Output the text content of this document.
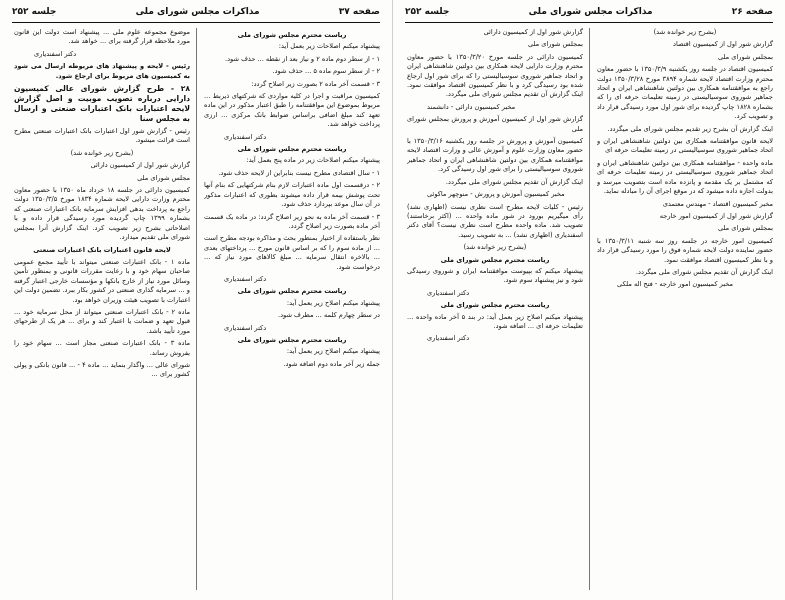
صفحه ۳۷
مذاکرات مجلس شورای ملی
جلسه ۲۵۲

ریاست محترم مجلس شورای ملی

پیشنهاد میکنم اصلاحات زیر بعمل آید:

۱ - از سطر دوم ماده ۲ و نیاز بعد از نقطه ... حذف شود.

۲ - از سطر سوم ماده ۵ ... حذف شود.

۳ - قسمت آخر ماده ۲ بصورت زیر اصلاح گردد:

کمیسیون مراقبت و اجرا در کلیه مواردی که شرکتهای ذیربط ... مربوط بموضوع این موافقتنامه را طبق اعتبار مذکور در این ماده تعهد کند مبلغ اضافی براساس ضوابط بانک مرکزی ... ارزی پرداخت خواهد شد.

دکتر اسفندیاری

ریاست محترم مجلس شورای ملی

پیشنهاد میکنم اصلاحات زیر در ماده پنج بعمل آید:

۱ - سال اقتصادی مطرح نیست بنابراین از لایحه حذف شود.

۲ - درقسمت اول ماده اعتبارات لازم بنام شرکتهایی که بنام آنها تحت پوشش بیمه قرار داده میشوند بطوری که اعتبارات مذکور در آن سال موعد بپردازد حذف شود.

۳ - قسمت آخر ماده به نحو زیر اصلاح گردد: در ماده یک قسمت آخر ماده بصورت زیر اصلاح گردد.

نظر باستفاده از اختیار بمنظور بحث و مذاکره بودجه مطرح است ... از ماده سوم را که بر اساس قانون مورخ ... پرداختهای بعدی ... بالاخره انتقال سرمایه ... مبلغ کالاهای مورد نیاز که ... درخواست شود.

دکتر اسفندیاری

ریاست محترم مجلس شورای ملی

پیشنهاد میکنم اصلاح زیر بعمل آید:

در سطر چهارم کلمه ... مطرف شود.

دکتر اسفندیاری

ریاست محترم مجلس شورای ملی

پیشنهاد میکنم اصلاح زیر بعمل آید:

جمله زیر آخر ماده دوم اضافه شود.

موضوع مجموعه علوم ملی ... پیشنهاد است دولت این قانون مورد ملاحظه قرار گرفته برای ... خواهد شد.

دکتر اسفندیاری

رئیس - لایحه و پیشنهاد هاى مربوطه ارسال مى شود به کمیسیون هاى مربوط براى ارجاع شود.

۲۸ - طرح گزارش شورای عالی کمیسیون دارایی درباره تصویب موبیت و اصل گزارش لایحه اعتبارات بانک اعتبارات صنعتی و ارسال به مجلس سنا

رئیس - گزارش شور اول اعتبارات بانک اعتبارات صنعتی مطرح است قرائت میشود.

(بشرح زیر خوانده شد)

گزارش شور اول از کمیسیون دارائی

مجلس شورای ملی

کمیسیون دارائی در جلسه ۱۸ خرداد ماه ۱۳۵۰ با حضور معاون محترم وزارت دارایی لایحه شماره ۱۸۳۴ مورخ ۱۳۵۰/۳/۵ دولت راجع به پرداخت بدهی افزایش سرمایه بانک اعتبارات صنعتی که بشماره ۱۳۹۹ چاپ گردیده مورد رسیدگی قرار داده و با اصلاحاتی بشرح زیر تصویب کرد. اینک گزارش آنرا بمجلس شورای ملی تقدیم میدارد.

لایحه قانون اعتبارات بانک اعتبارات صنعتی

ماده ۱ - بانک اعتبارات صنعتی میتواند با تأیید مجمع عمومی صاحبان سهام خود و با رعایت مقررات قانونی و بمنظور تأمین وسائل مورد نیاز از خارج بانکها و مؤسسات خارجی اعتبار گرفته و ... سرمایه گذاری صنعتی در کشور بکار ببرد. تضمین دولت این اعتبارات با تصویب هیئت وزیران خواهد بود.

ماده ۲ - بانک اعتبارات صنعتی میتواند از محل سرمایه خود ... قبول تعهد و ضمانت یا اعتبار کند و برای ... هر یک از طرحهای مورد تأیید باشد.

ماده ۳ - بانک اعتبارات صنعتی مجاز است ... سهام خود را بفروش رساند.

شورای عالی ... واگذار بنماید ... ماده ۴ - ... قانون بانکی و پولی کشور برای ...

صفحه ۲۶
مذاکرات مجلس شورای ملی
جلسه ۲۵۲

(بشرح زیر خوانده شد)

گزارش شور اول از کمیسیون اقتصاد

بمجلس شورای ملی

کمیسیون اقتصاد در جلسه روز یکشنبه ۱۳۵۰/۳/۹ با حضور معاون محترم وزارت اقتصاد لایحه شماره ۳۸۹۴ مورخ ۱۳۵۰/۳/۲۸ دولت راجع به موافقتنامه همکاری بین دولتین شاهنشاهی ایران و اتحاد جماهیر شوروی سوسیالیستی در زمینه تعلیمات حرفه ای را که بشماره ۱۸۲۸ چاپ گردیده برای شور اول مورد رسیدگی قرار داد و تصویب کرد.

اینک گزارش آن بشرح زیر تقدیم مجلس شورای ملی میگردد.

لایحه قانون موافقتنامه همکاری بین دولتین شاهنشاهی ایران و اتحاد جماهیر شوروی سوسیالیستی در زمینه تعلیمات حرفه ای

ماده واحده - موافقتنامه همکاری بین دولتین شاهنشاهی ایران و اتحاد جماهیر شوروی سوسیالیستی در زمینه تعلیمات حرفه ای که مشتمل بر یک مقدمه و پانزده ماده است بتصویب میرسد و بدولت اجازه داده میشود که در موقع اجرای آن را مبادله نماید.

مخبر کمیسیون اقتصاد - مهندس معتمدی

گزارش شور اول از کمیسیون امور خارجه

بمجلس شورای ملی

کمیسیون امور خارجه در جلسه روز سه شنبه ۱۳۵۰/۳/۱۱ با حضور نماینده دولت لایحه شماره فوق را مورد رسیدگی قرار داد و با نظر کمیسیون اقتصاد موافقت نمود.

اینک گزارش آن تقدیم مجلس شورای ملی میگردد.

مخبر کمیسیون امور خارجه - فتح اله ملکی

گزارش شور اول از کمیسیون دارائی

بمجلس شورای ملی

کمیسیون دارائی در جلسه مورخ ۱۳۵۰/۳/۲۰ با حضور معاون محترم وزارت دارایی لایحه همکاری بین دولتین شاهنشاهی ایران و اتحاد جماهیر شوروی سوسیالیستی را که برای شور اول ارجاع شده بود رسیدگی کرد و با نظر کمیسیون اقتصاد موافقت نمود. اینک گزارش آن تقدیم مجلس شورای ملی میگردد.

مخبر کمیسیون دارائی - دانشمند

گزارش شور اول از کمیسیون آموزش و پرورش بمجلس شورای ملی

کمیسیون آموزش و پرورش در جلسه روز یکشنبه ۱۳۵۰/۳/۱۶ با حضور معاون وزارت علوم و آموزش عالی و وزارت اقتصاد لایحه موافقتنامه همکاری بین دولتین شاهنشاهی ایران و اتحاد جماهیر شوروی سوسیالیستی را برای شور اول رسیدگی کرد.

اینک گزارش آن تقدیم مجلس شورای ملی میگردد.

مخبر کمیسیون آموزش و پرورش - منوچهر ماکوئی

رئیس - کلیات لایحه مطرح است نظری نیست (اظهاری نشد) رأی میگیریم بورود در شور ماده واحده ... (اکثر برخاستند) تصویب شد. ماده واحده مطرح است نظری نیست؟ آقای دکتر اسفندیاری (اظهاری نشد) ... به تصویب رسید.

(بشرح زیر خوانده شد)

ریاست محترم مجلس شورای ملی

پیشنهاد میکنم که بپیوست موافقتنامه ایران و شوروی رسیدگی شود و نیز پیشنهاد سوم شود.

دکتر اسفندیاری

ریاست محترم مجلس شورای ملی

پیشنهاد میکنم اصلاح زیر بعمل آید: در بند ۵ آخر ماده واحده ... تعلیمات حرفه ای ... اضافه شود.

دکتر اسفندیاری
